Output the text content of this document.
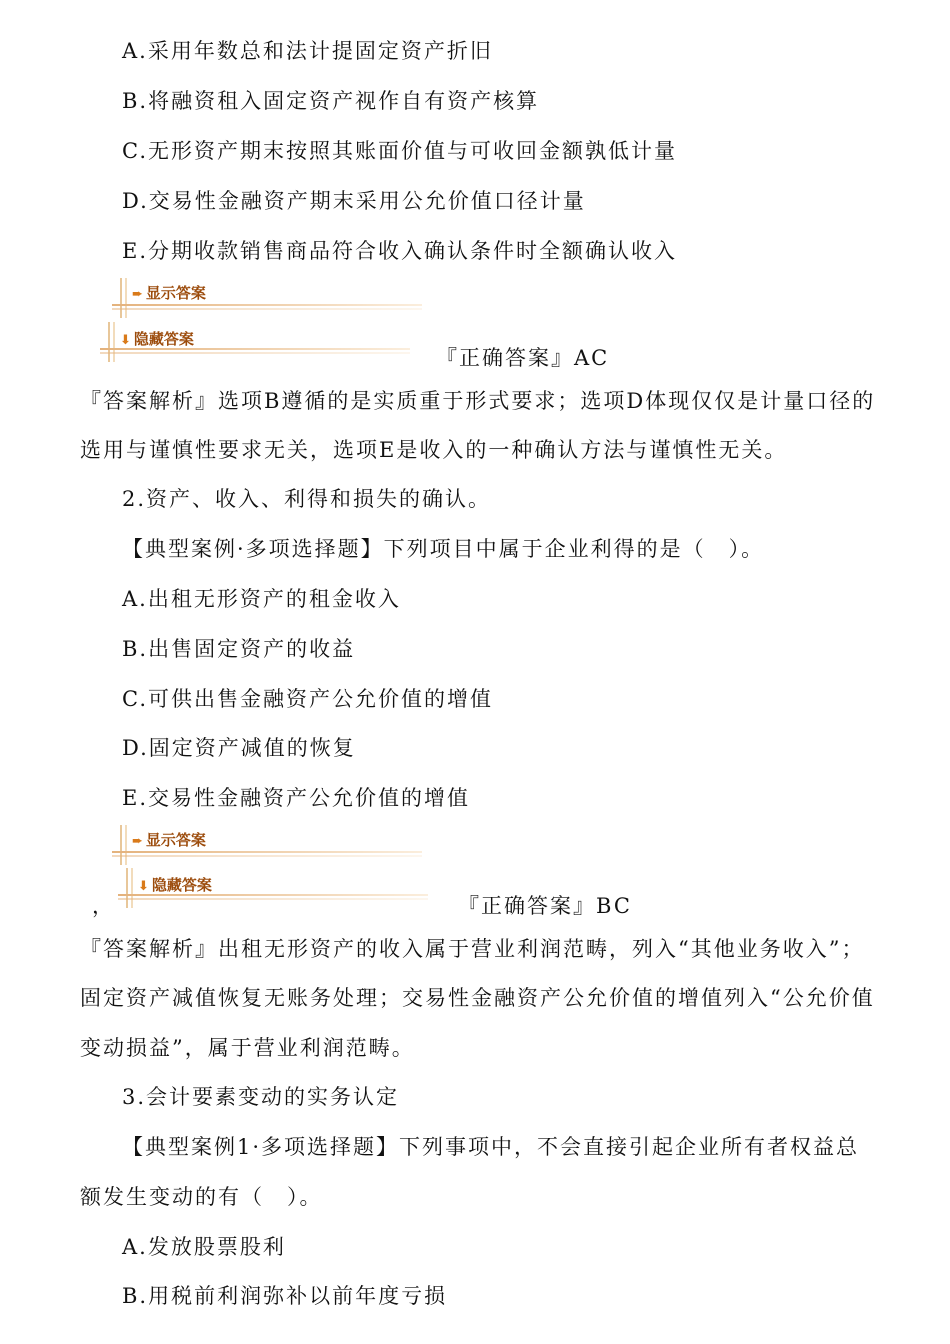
A.采用年数总和法计提固定资产折旧
B.将融资租入固定资产视作自有资产核算
C.无形资产期末按照其账面价值与可收回金额孰低计量
D.交易性金融资产期末采用公允价值口径计量
E.分期收款销售商品符合收入确认条件时全额确认收入
➨ 显示答案
⬇ 隐藏答案
『正确答案』AC
『答案解析』选项B遵循的是实质重于形式要求；选项D体现仅仅是计量口径的
选用与谨慎性要求无关，选项E是收入的一种确认方法与谨慎性无关。
2.资产、收入、利得和损失的确认。
【典型案例·多项选择题】下列项目中属于企业利得的是（　）。
A.出租无形资产的租金收入
B.出售固定资产的收益
C.可供出售金融资产公允价值的增值
D.固定资产减值的恢复
E.交易性金融资产公允价值的增值
➨ 显示答案
⬇ 隐藏答案
，	『正确答案』BC
『答案解析』出租无形资产的收入属于营业利润范畴，列入“其他业务收入”；
固定资产减值恢复无账务处理；交易性金融资产公允价值的增值列入“公允价值
变动损益”，属于营业利润范畴。
3.会计要素变动的实务认定
【典型案例1·多项选择题】下列事项中，不会直接引起企业所有者权益总
额发生变动的有（　）。
A.发放股票股利
B.用税前利润弥补以前年度亏损
